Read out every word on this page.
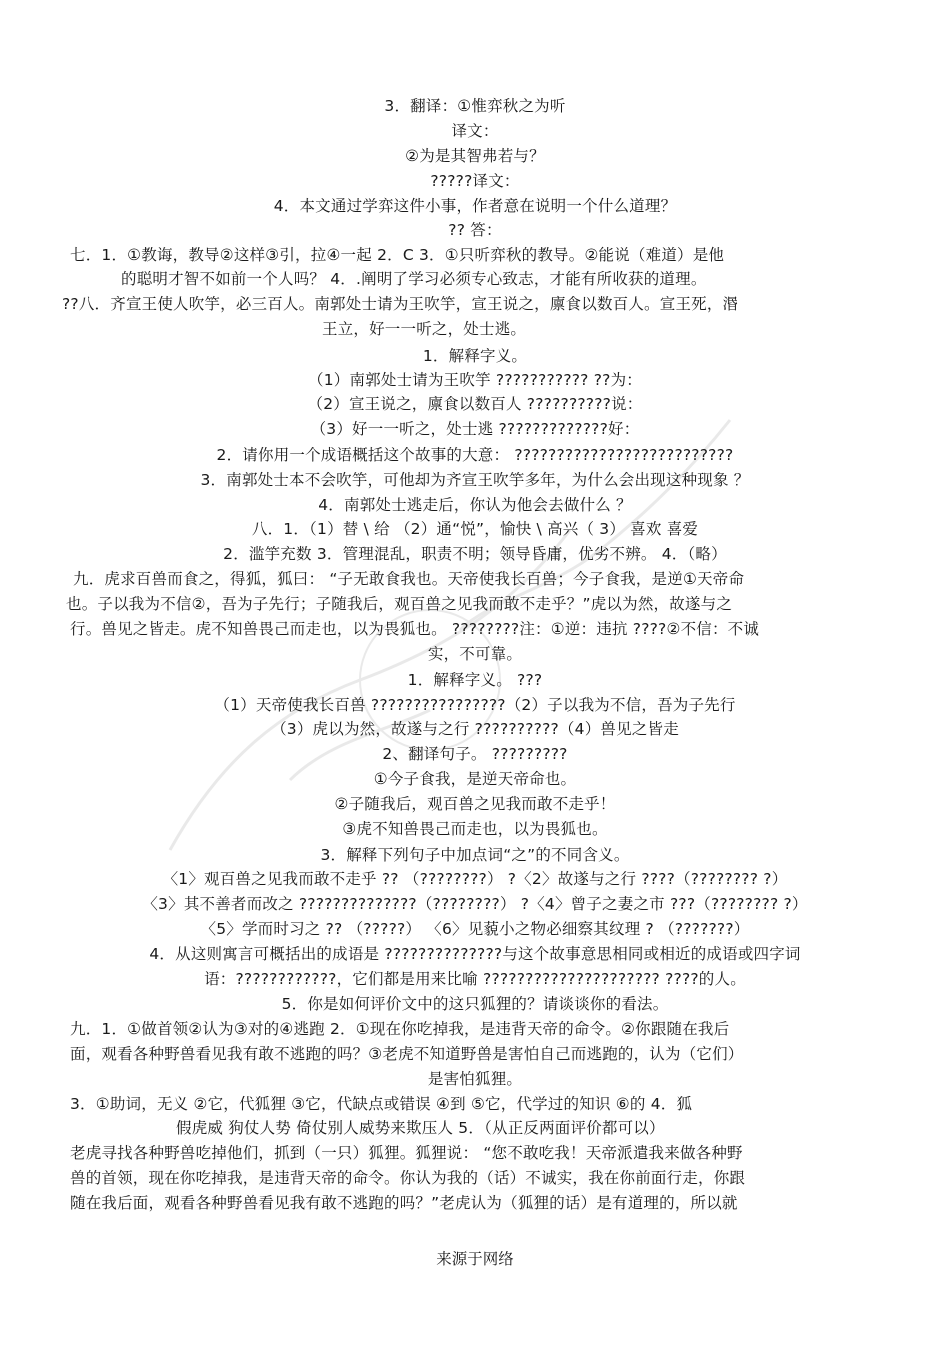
3．翻译：①惟弈秋之为听
译文：
②为是其智弗若与？
?????译文：
4．本文通过学弈这件小事，作者意在说明一个什么道理？
?? 答：
七．1．①教诲，教导②这样③引，拉④一起 2．C 3．①只听弈秋的教导。②能说（难道）是他
的聪明才智不如前一个人吗？ 4．.阐明了学习必须专心致志，才能有所收获的道理。
??八．齐宣王使人吹竽，必三百人。南郭处士请为王吹竽，宣王说之，廪食以数百人。宣王死，湣
王立，好一一听之，处士逃。
1．解释字义。
（1）南郭处士请为王吹竽 ??????????? ??为：
（2）宣王说之，廪食以数百人 ??????????说：
（3）好一一听之，处士逃 ?????????????好：
2．请你用一个成语概括这个故事的大意： ??????????????????????????
3．南郭处士本不会吹竽，可他却为齐宣王吹竽多年，为什么会出现这种现象 ？
4．南郭处士逃走后，你认为他会去做什么 ？
八．1．（1）替 \ 给 （2）通“悦”，愉快 \ 高兴（ 3） 喜欢 喜爱
2．滥竽充数 3．管理混乱，职责不明；领导昏庸，优劣不辨。 4．（略）
九．虎求百兽而食之，得狐，狐曰： “子无敢食我也。天帝使我长百兽；今子食我，是逆①天帝命
也。子以我为不信②，吾为子先行；子随我后，观百兽之见我而敢不走乎？”虎以为然，故遂与之
行。兽见之皆走。虎不知兽畏己而走也，以为畏狐也。 ????????注：①逆：违抗 ????②不信：不诚
实，不可靠。
1．解释字义。 ???
（1）天帝使我长百兽 ????????????????（2）子以我为不信，吾为子先行
（3）虎以为然，故遂与之行 ??????????（4）兽见之皆走
2、翻译句子。 ?????????
①今子食我，是逆天帝命也。
②子随我后，观百兽之见我而敢不走乎！
③虎不知兽畏己而走也，以为畏狐也。
3．解释下列句子中加点词“之”的不同含义。
〈1〉观百兽之见我而敢不走乎 ?? （????????） ?〈2〉故遂与之行 ????（???????? ?）
〈3〉其不善者而改之 ??????????????（????????） ?〈4〉曾子之妻之市 ???（???????? ?）
〈5〉学而时习之 ?? （?????） 〈6〉见藐小之物必细察其纹理 ? （???????）
4．从这则寓言可概括出的成语是 ??????????????与这个故事意思相同或相近的成语或四字词
语：????????????，它们都是用来比喻 ????????????????????? ????的人。
5．你是如何评价文中的这只狐狸的？请谈谈你的看法。
九．1．①做首领②认为③对的④逃跑 2．①现在你吃掉我，是违背天帝的命令。②你跟随在我后
面，观看各种野兽看见我有敢不逃跑的吗？③老虎不知道野兽是害怕自己而逃跑的，认为（它们）
是害怕狐狸。
3．①助词，无义 ②它，代狐狸 ③它，代缺点或错误 ④到 ⑤它，代学过的知识 ⑥的 4．狐
假虎威 狗仗人势 倚仗别人威势来欺压人 5．（从正反两面评价都可以）
老虎寻找各种野兽吃掉他们，抓到（一只）狐狸。狐狸说： “您不敢吃我！天帝派遣我来做各种野
兽的首领，现在你吃掉我，是违背天帝的命令。你认为我的（话）不诚实，我在你前面行走，你跟
随在我后面，观看各种野兽看见我有敢不逃跑的吗？”老虎认为（狐狸的话）是有道理的，所以就
来源于网络
